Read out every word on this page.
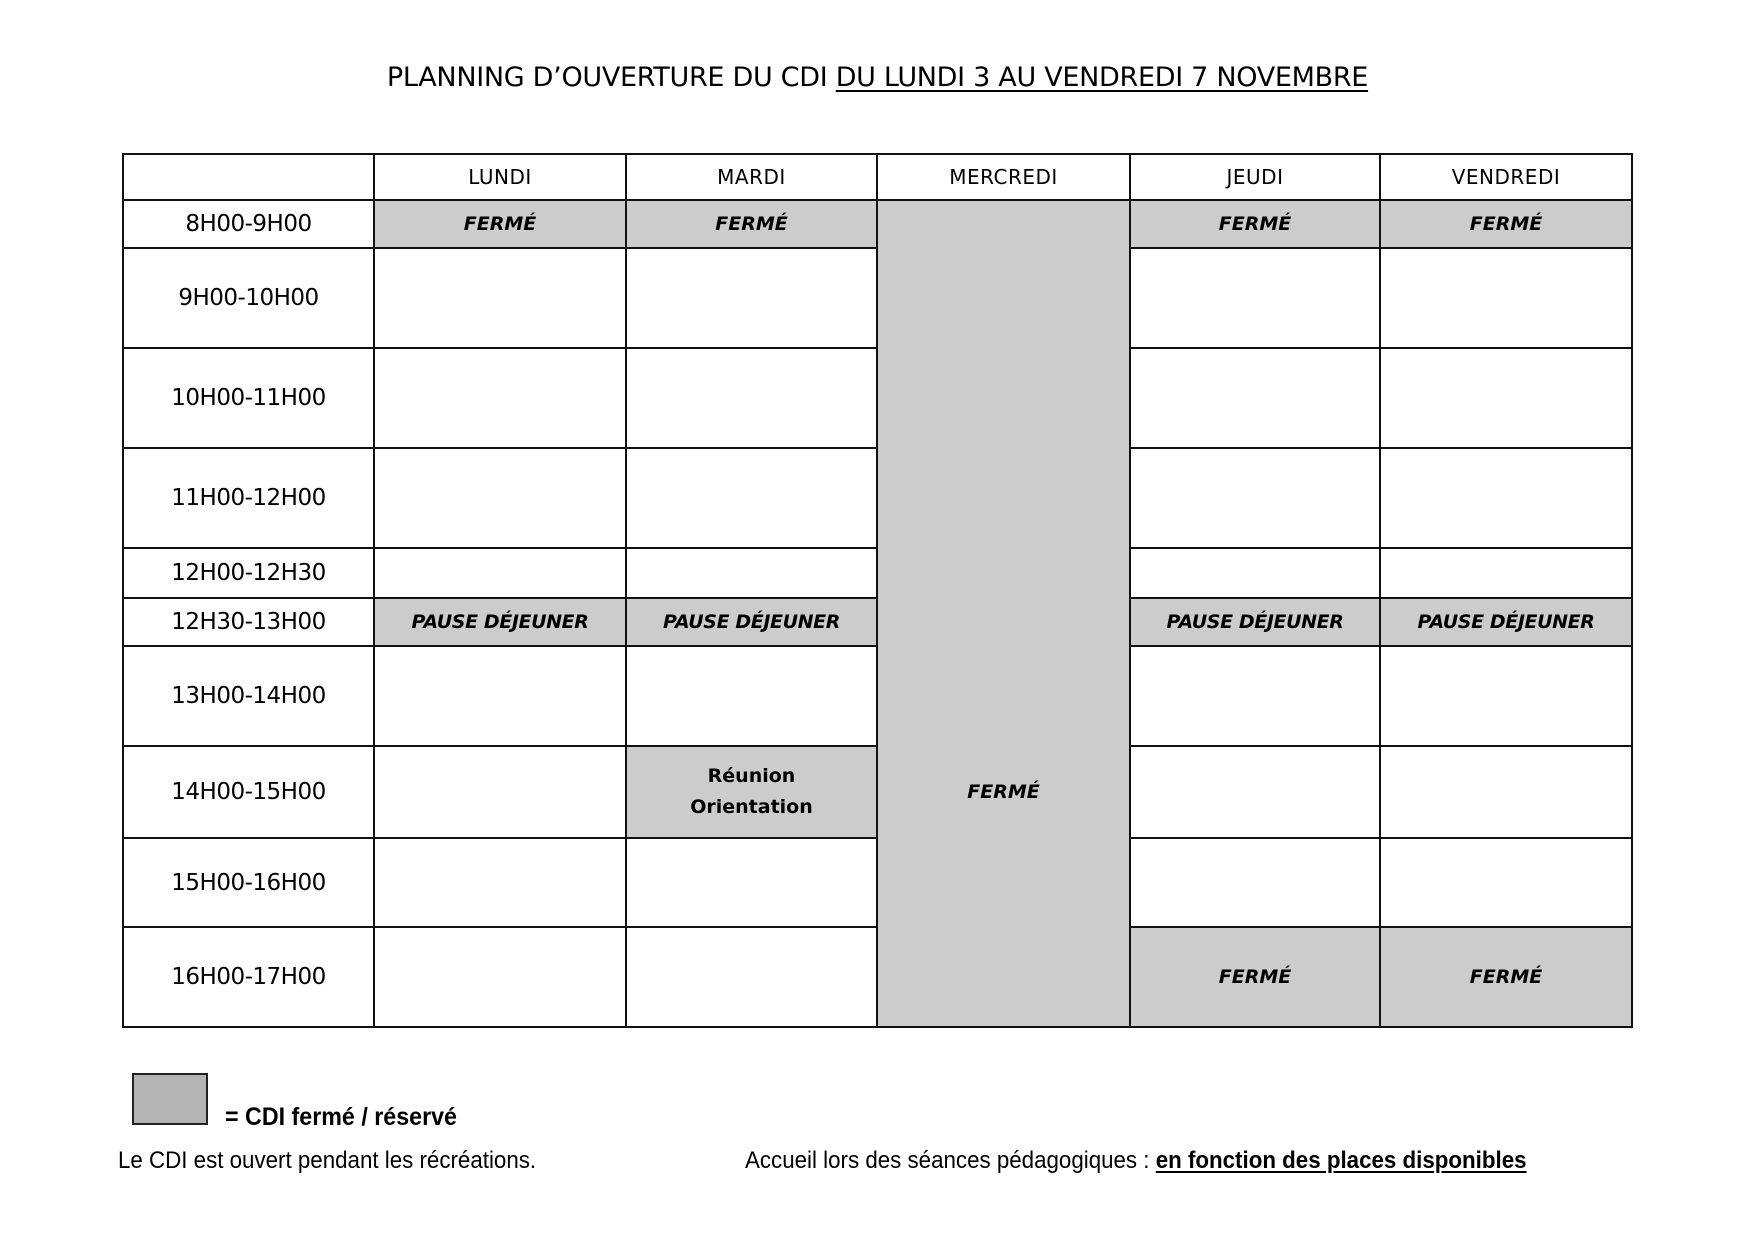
PLANNING D’OUVERTURE DU CDI DU LUNDI 3 AU VENDREDI 7 NOVEMBRE
	LUNDI	MARDI	MERCREDI	JEUDI	VENDREDI
8H00-9H00	FERMÉ	FERMÉ	FERMÉ	FERMÉ	FERMÉ
9H00-10H00					
10H00-11H00					
11H00-12H00					
12H00-12H30					
12H30-13H00	PAUSE DÉJEUNER	PAUSE DÉJEUNER		PAUSE DÉJEUNER	PAUSE DÉJEUNER
13H00-14H00					
14H00-15H00		Réunion
Orientation			

15H00-16H00					
16H00-17H00				FERMÉ	FERMÉ
= CDI fermé / réservé
Le CDI est ouvert pendant les récréations.	Accueil lors des séances pédagogiques : en fonction des places disponibles
